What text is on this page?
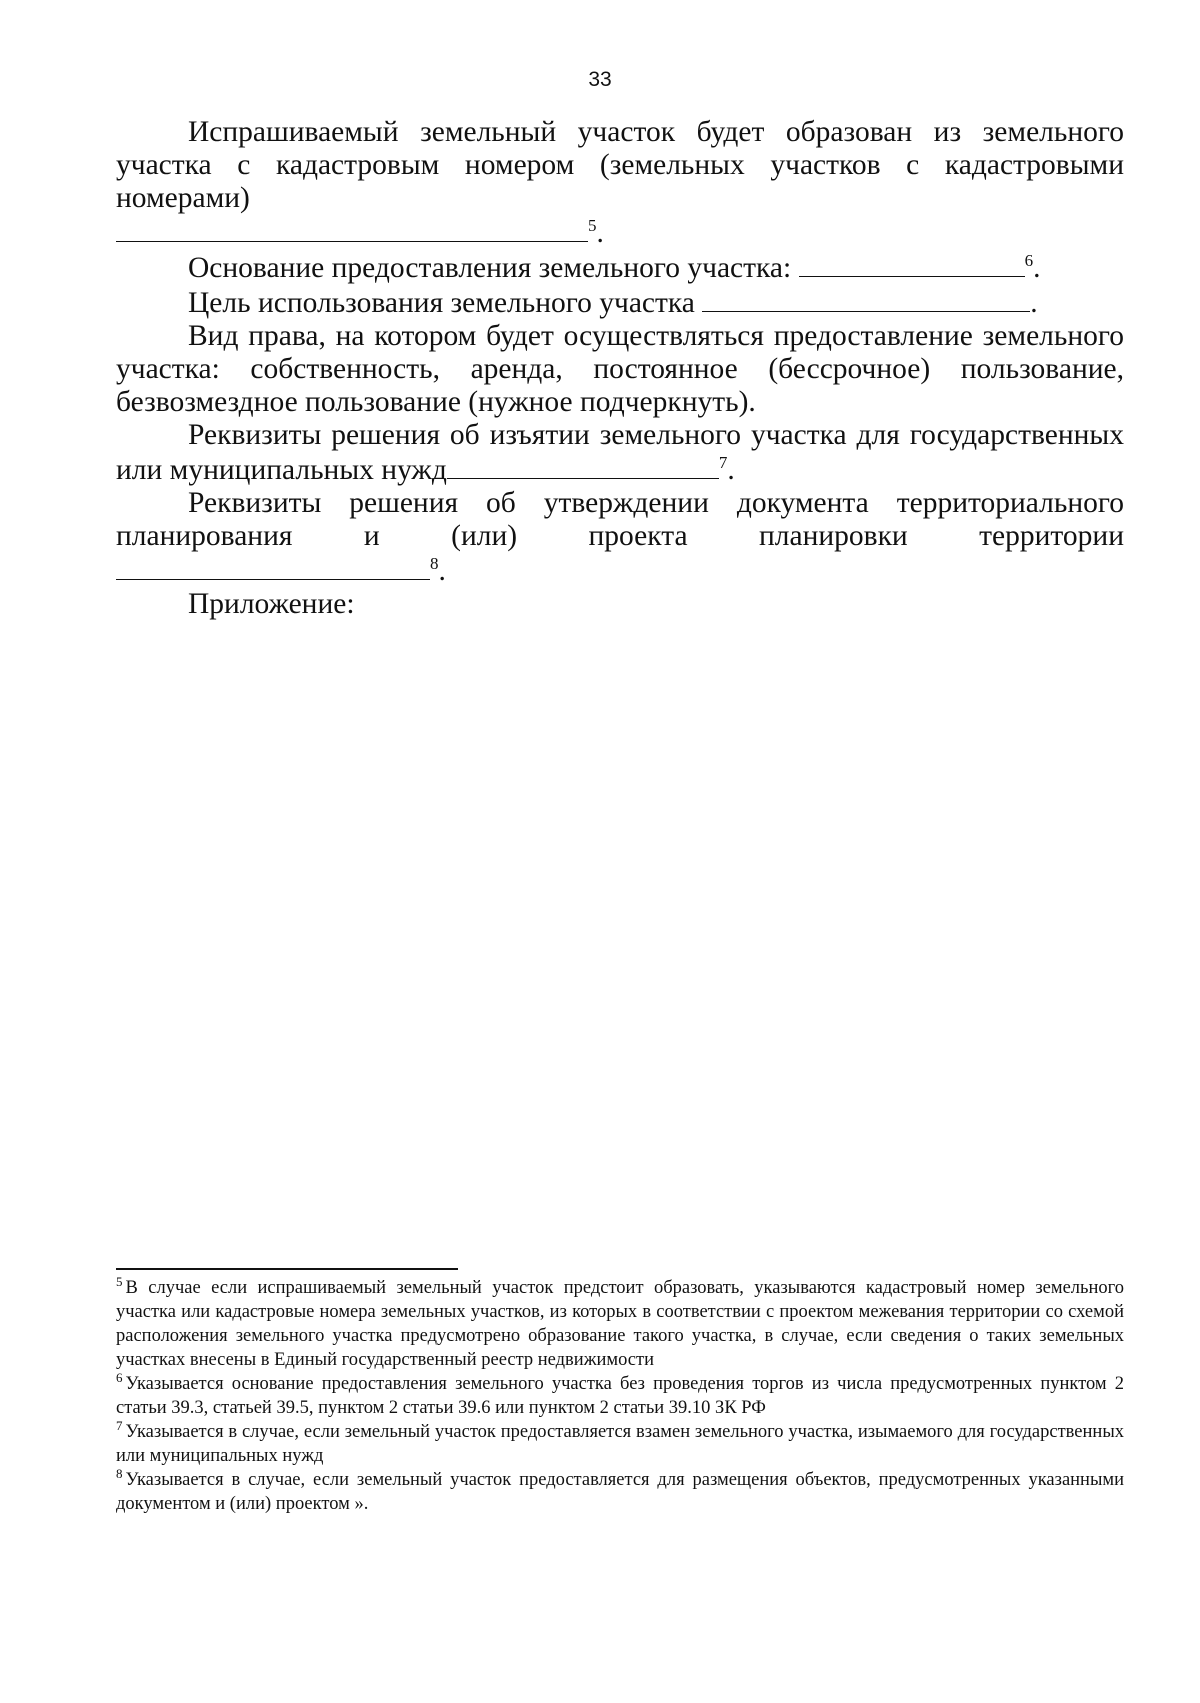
33

Испрашиваемый земельный участок будет образован из земельного участка с кадастровым номером (земельных участков с кадастровыми номерами)

$^5$.

Основание предоставления земельного участка:	$^6$.

Цель использования земельного участка	.

Вид права, на котором будет осуществляться предоставление земельного участка: собственность, аренда, постоянное (бессрочное) пользование, безвозмездное пользование (нужное подчеркнуть).

Реквизиты решения об изъятии земельного участка для государственных или муниципальных нужд	$^7$.

Реквизиты решения об утверждении документа территориального планирования и (или) проекта планировки территории

$^8$.

Приложение:

$^5$ В случае если испрашиваемый земельный участок предстоит образовать, указываются кадастровый номер земельного участка или кадастровые номера земельных участков, из которых в соответствии с проектом межевания территории со схемой расположения земельного участка предусмотрено образование такого участка, в случае, если сведения о таких земельных участках внесены в Единый государственный реестр недвижимости

$^6$ Указывается основание предоставления земельного участка без проведения торгов из числа предусмотренных пунктом 2 статьи 39.3, статьей 39.5, пунктом 2 статьи 39.6 или пунктом 2 статьи 39.10 ЗК РФ

$^7$ Указывается в случае, если земельный участок предоставляется взамен земельного участка, изымаемого для государственных или муниципальных нужд

$^8$ Указывается в случае, если земельный участок предоставляется для размещения объектов, предусмотренных указанными документом и (или) проектом ».
